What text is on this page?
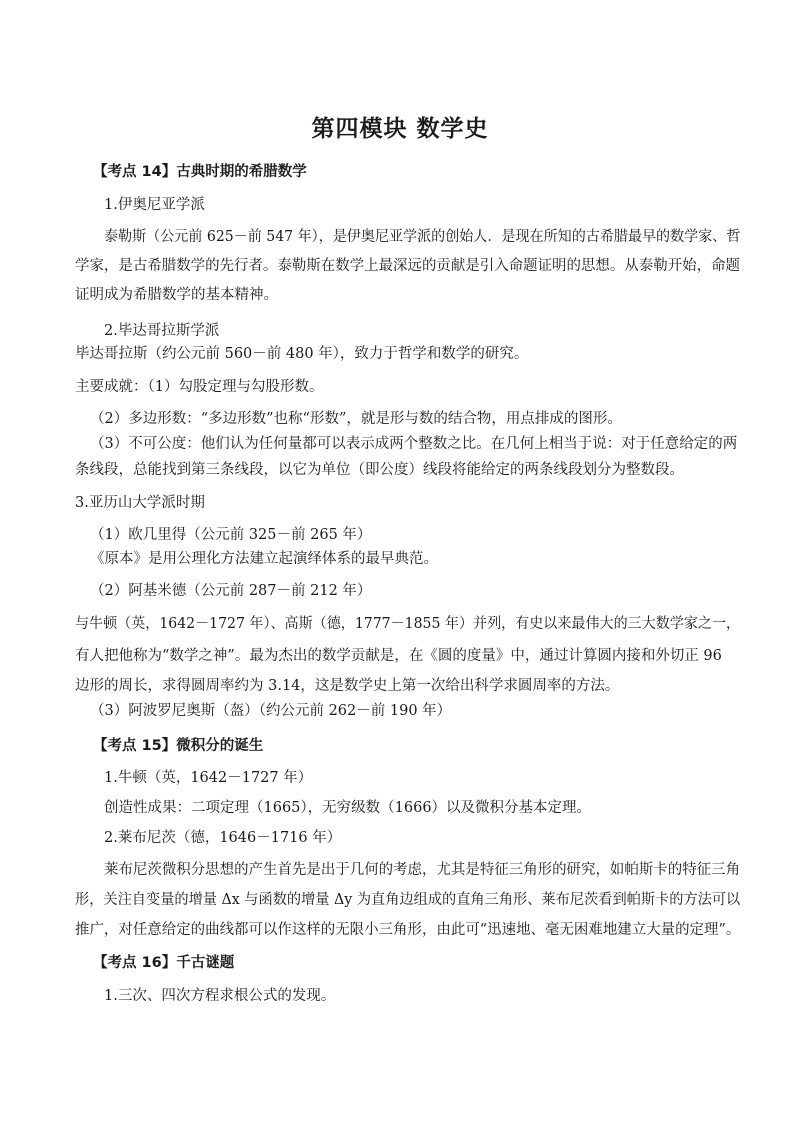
第四模块 数学史
【考点 14】古典时期的希腊数学
1.伊奥尼亚学派
泰勒斯（公元前 625－前 547 年），是伊奥尼亚学派的创始人．是现在所知的古希腊最早的数学家、哲
学家，是古希腊数学的先行者。泰勒斯在数学上最深远的贡献是引入命题证明的思想。从泰勒开始，命题
证明成为希腊数学的基本精神。
2.毕达哥拉斯学派
毕达哥拉斯（约公元前 560－前 480 年），致力于哲学和数学的研究。
主要成就：（1）勾股定理与勾股形数。
（2）多边形数：“多边形数”也称“形数”，就是形与数的结合物，用点排成的图形。
（3）不可公度：他们认为任何量都可以表示成两个整数之比。在几何上相当于说：对于任意给定的两
条线段，总能找到第三条线段，以它为单位（即公度）线段将能给定的两条线段划分为整数段。
3.亚历山大学派时期
（1）欧几里得（公元前 325－前 265 年）
《原本》是用公理化方法建立起演绎体系的最早典范。
（2）阿基米德（公元前 287－前 212 年）
与牛顿（英，1642－1727 年）、高斯（德，1777－1855 年）并列，有史以来最伟大的三大数学家之一，
有人把他称为“数学之神”。最为杰出的数学贡献是，在《圆的度量》中，通过计算圆内接和外切正 96
边形的周长，求得圆周率约为 3.14，这是数学史上第一次给出科学求圆周率的方法。
（3）阿波罗尼奥斯（盔）（约公元前 262－前 190 年）
【考点 15】微积分的诞生
1.牛顿（英，1642－1727 年）
创造性成果：二项定理（1665），无穷级数（1666）以及微积分基本定理。
2.莱布尼茨（德，1646－1716 年）
莱布尼茨微积分思想的产生首先是出于几何的考虑，尤其是特征三角形的研究，如帕斯卡的特征三角
形，关注自变量的增量 Δx 与函数的增量 Δy 为直角边组成的直角三角形、莱布尼茨看到帕斯卡的方法可以
推广，对任意给定的曲线都可以作这样的无限小三角形，由此可“迅速地、毫无困难地建立大量的定理”。
【考点 16】千古谜题
1.三次、四次方程求根公式的发现。
